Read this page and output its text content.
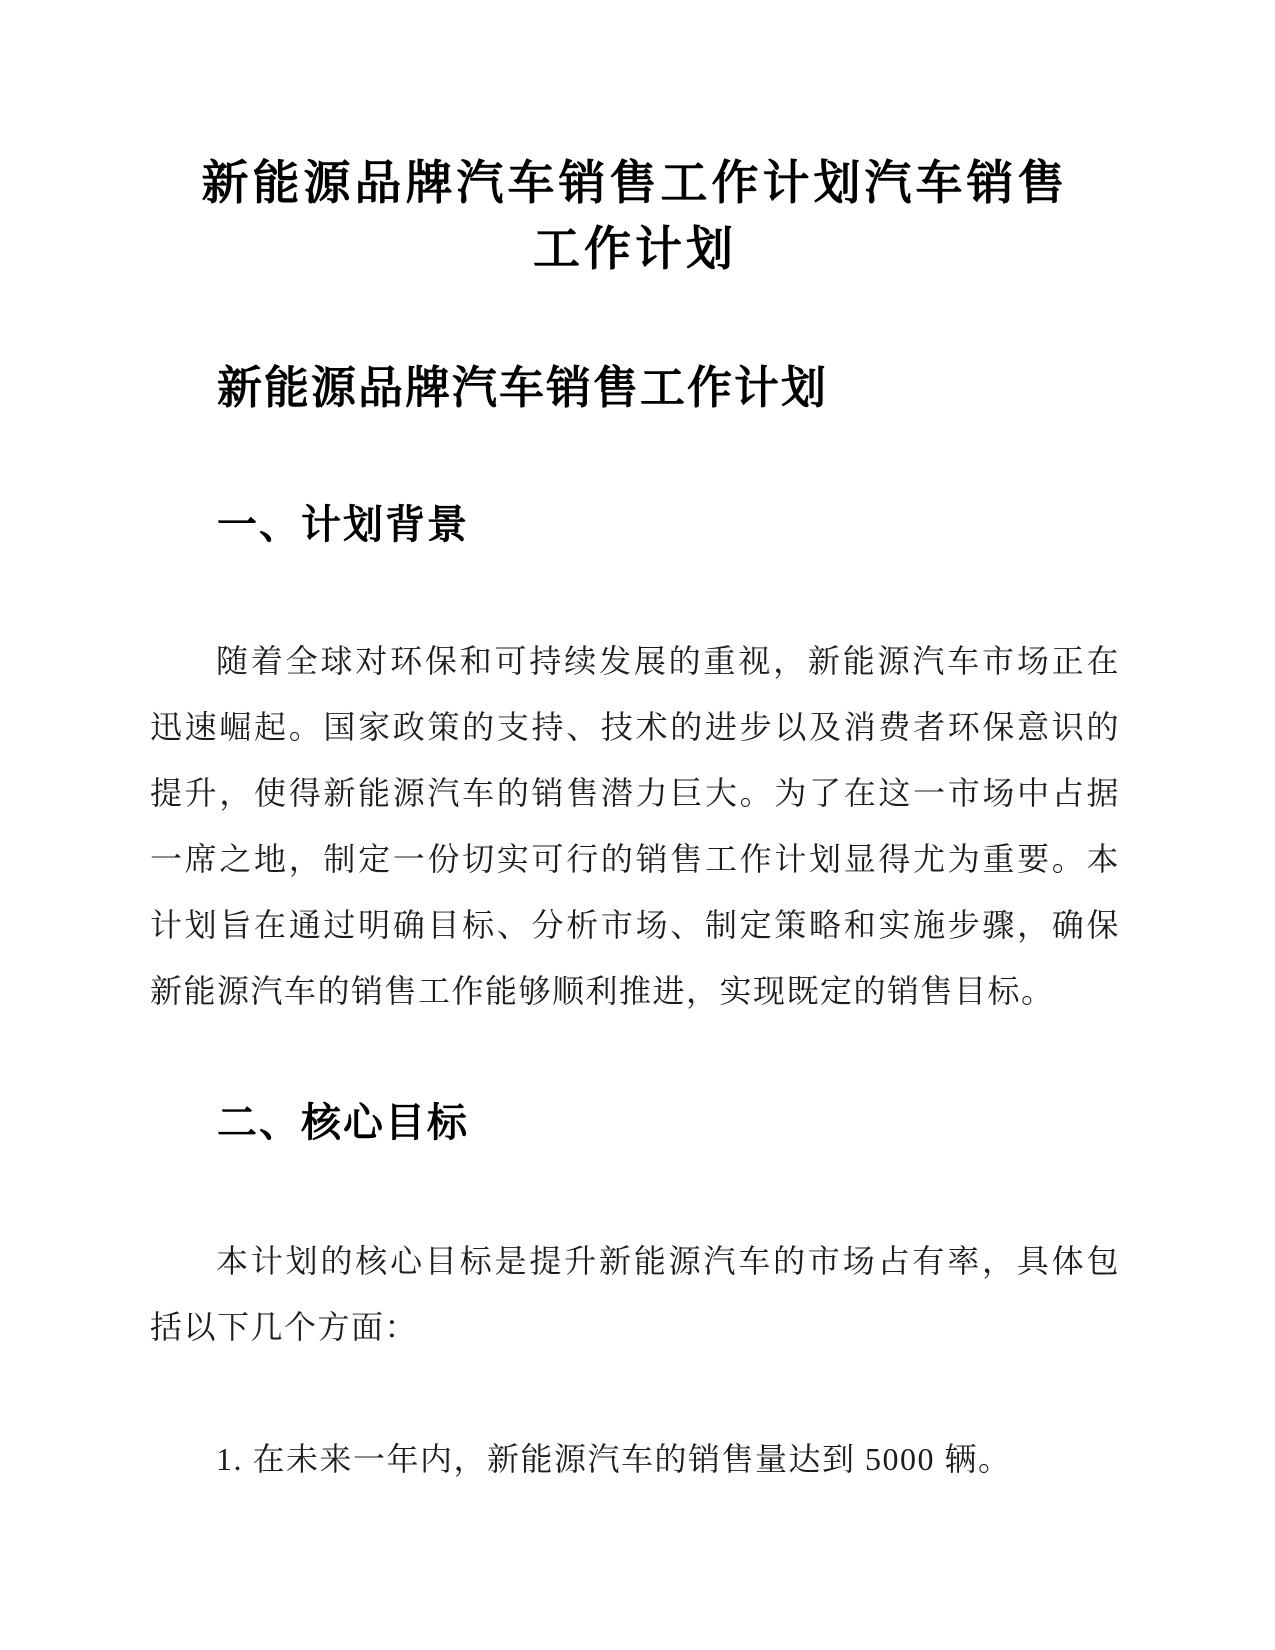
新能源品牌汽车销售工作计划汽车销售工作计划
新能源品牌汽车销售工作计划
一、计划背景

随着全球对环保和可持续发展的重视，新能源汽车市场正在迅速崛起。国家政策的支持、技术的进步以及消费者环保意识的提升，使得新能源汽车的销售潜力巨大。为了在这一市场中占据一席之地，制定一份切实可行的销售工作计划显得尤为重要。本计划旨在通过明确目标、分析市场、制定策略和实施步骤，确保新能源汽车的销售工作能够顺利推进，实现既定的销售目标。

二、核心目标

本计划的核心目标是提升新能源汽车的市场占有率，具体包括以下几个方面：

1. 在未来一年内，新能源汽车的销售量达到 5000 辆。
